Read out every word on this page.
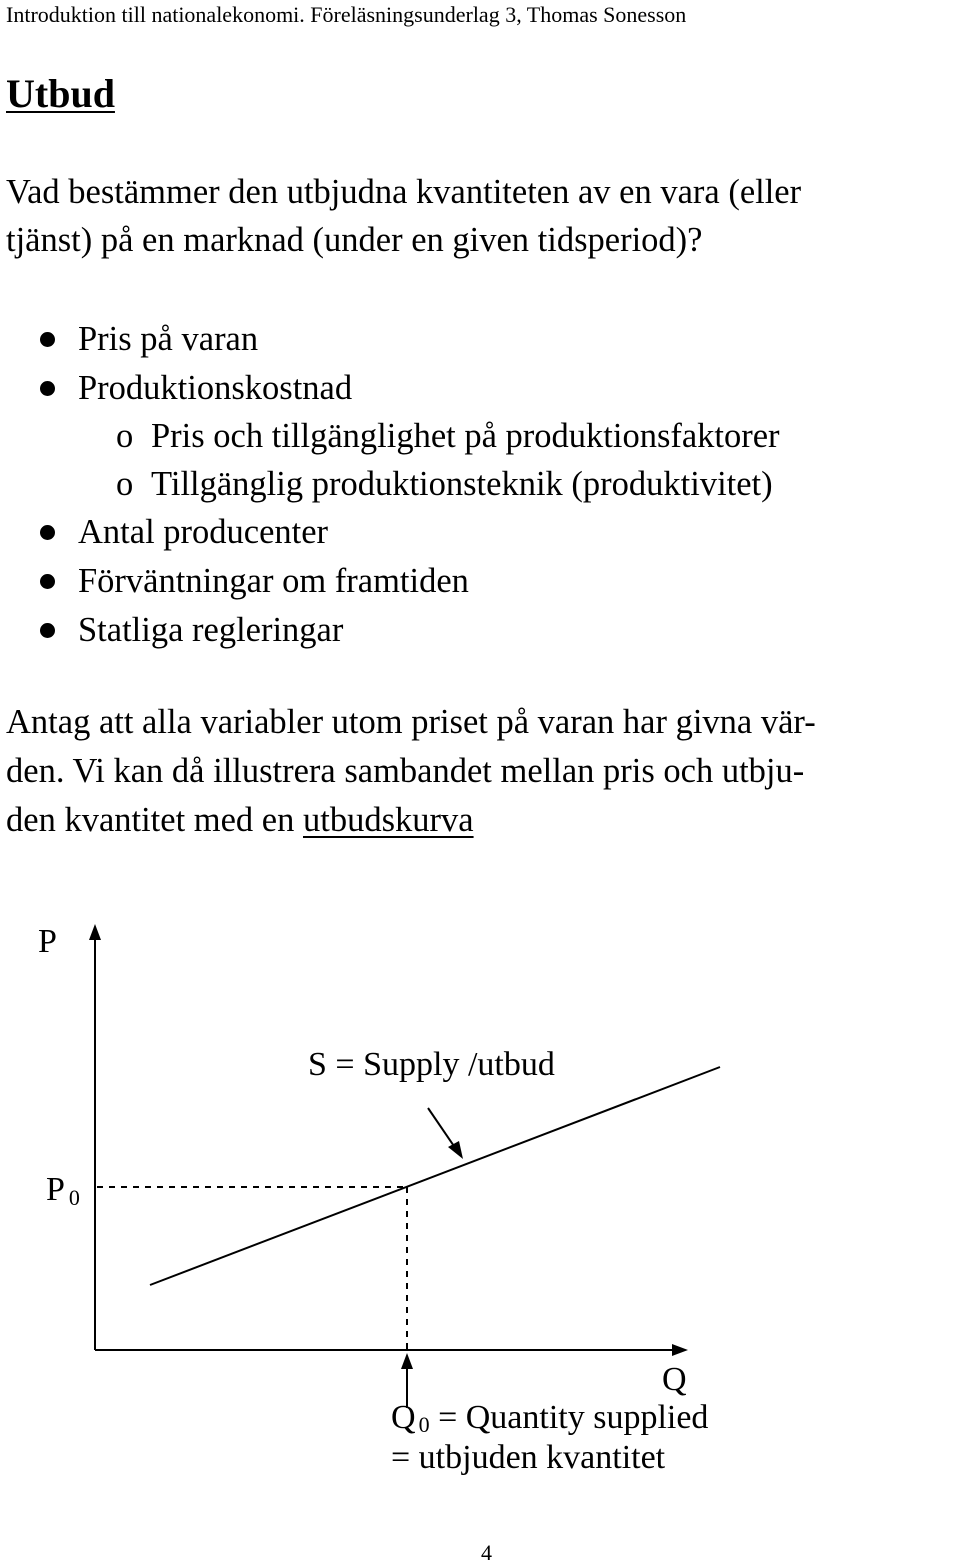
Introduktion till nationalekonomi. Föreläsningsunderlag 3, Thomas Sonesson
Utbud
Vad bestämmer den utbjudna kvantiteten av en vara (eller
tjänst) på en marknad (under en given tidsperiod)?
Pris på varan
Produktionskostnad
o Pris och tillgänglighet på produktionsfaktorer
o Tillgänglig produktionsteknik (produktivitet)
Antal producenter
Förväntningar om framtiden
Statliga regleringar
Antag att alla variabler utom priset på varan har givna vär-
den. Vi kan då illustrera sambandet mellan pris och utbju-
den kvantitet med en utbudskurva
P
Q
S = Supply /utbud
P 0
Q 0 = Quantity supplied
= utbjuden kvantitet
4
